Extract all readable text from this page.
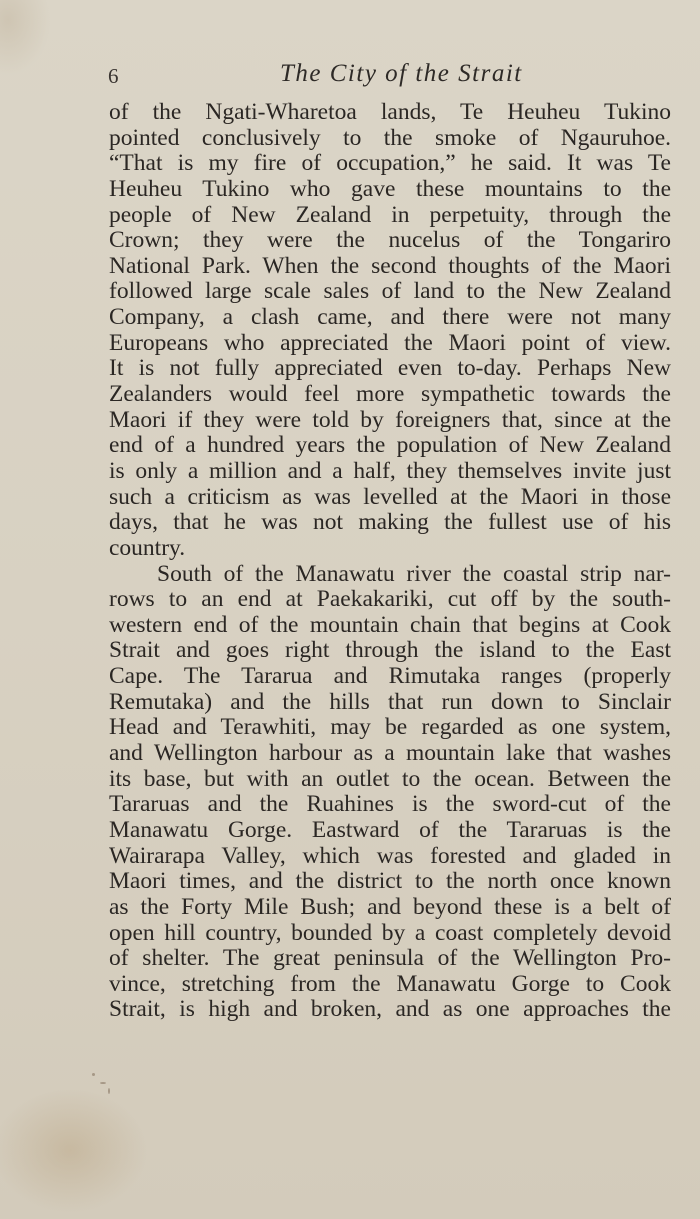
6	The City of the Strait
of the Ngati-Wharetoa lands, Te Heuheu Tukino
pointed conclusively to the smoke of Ngauruhoe.
“That is my fire of occupation,” he said. It was Te
Heuheu Tukino who gave these mountains to the
people of New Zealand in perpetuity, through the
Crown; they were the nucelus of the Tongariro
National Park. When the second thoughts of the Maori
followed large scale sales of land to the New Zealand
Company, a clash came, and there were not many
Europeans who appreciated the Maori point of view.
It is not fully appreciated even to-day. Perhaps New
Zealanders would feel more sympathetic towards the
Maori if they were told by foreigners that, since at the
end of a hundred years the population of New Zealand
is only a million and a half, they themselves invite just
such a criticism as was levelled at the Maori in those
days, that he was not making the fullest use of his
country.
South of the Manawatu river the coastal strip nar-
rows to an end at Paekakariki, cut off by the south-
western end of the mountain chain that begins at Cook
Strait and goes right through the island to the East
Cape. The Tararua and Rimutaka ranges (properly
Remutaka) and the hills that run down to Sinclair
Head and Terawhiti, may be regarded as one system,
and Wellington harbour as a mountain lake that washes
its base, but with an outlet to the ocean. Between the
Tararuas and the Ruahines is the sword-cut of the
Manawatu Gorge. Eastward of the Tararuas is the
Wairarapa Valley, which was forested and gladed in
Maori times, and the district to the north once known
as the Forty Mile Bush; and beyond these is a belt of
open hill country, bounded by a coast completely devoid
of shelter. The great peninsula of the Wellington Pro-
vince, stretching from the Manawatu Gorge to Cook
Strait, is high and broken, and as one approaches the
